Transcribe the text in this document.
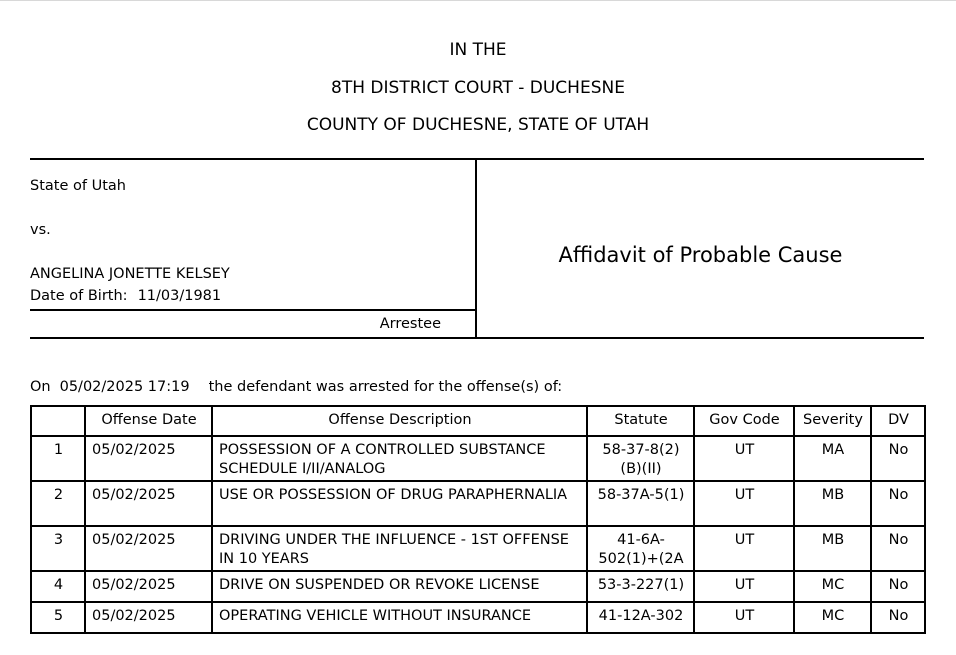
IN THE
8TH DISTRICT COURT - DUCHESNE
COUNTY OF DUCHESNE, STATE OF UTAH
State of Utah
vs.
ANGELINA JONETTE KELSEY
Date of Birth: 11/03/1981
Arrestee
Affidavit of Probable Cause
On 05/02/2025 17:19 the defendant was arrested for the offense(s) of:
	Offense Date	Offense Description	Statute	Gov Code	Severity	DV
1	05/02/2025	POSSESSION OF A CONTROLLED SUBSTANCE SCHEDULE I/II/ANALOG	58-37-8(2)(B)(II)	UT	MA	No
2	05/02/2025	USE OR POSSESSION OF DRUG PARAPHERNALIA	58-37A-5(1)	UT	MB	No
3	05/02/2025	DRIVING UNDER THE INFLUENCE - 1ST OFFENSE IN 10 YEARS	41-6A-502(1)+(2A	UT	MB	No
4	05/02/2025	DRIVE ON SUSPENDED OR REVOKE LICENSE	53-3-227(1)	UT	MC	No
5	05/02/2025	OPERATING VEHICLE WITHOUT INSURANCE	41-12A-302	UT	MC	No
